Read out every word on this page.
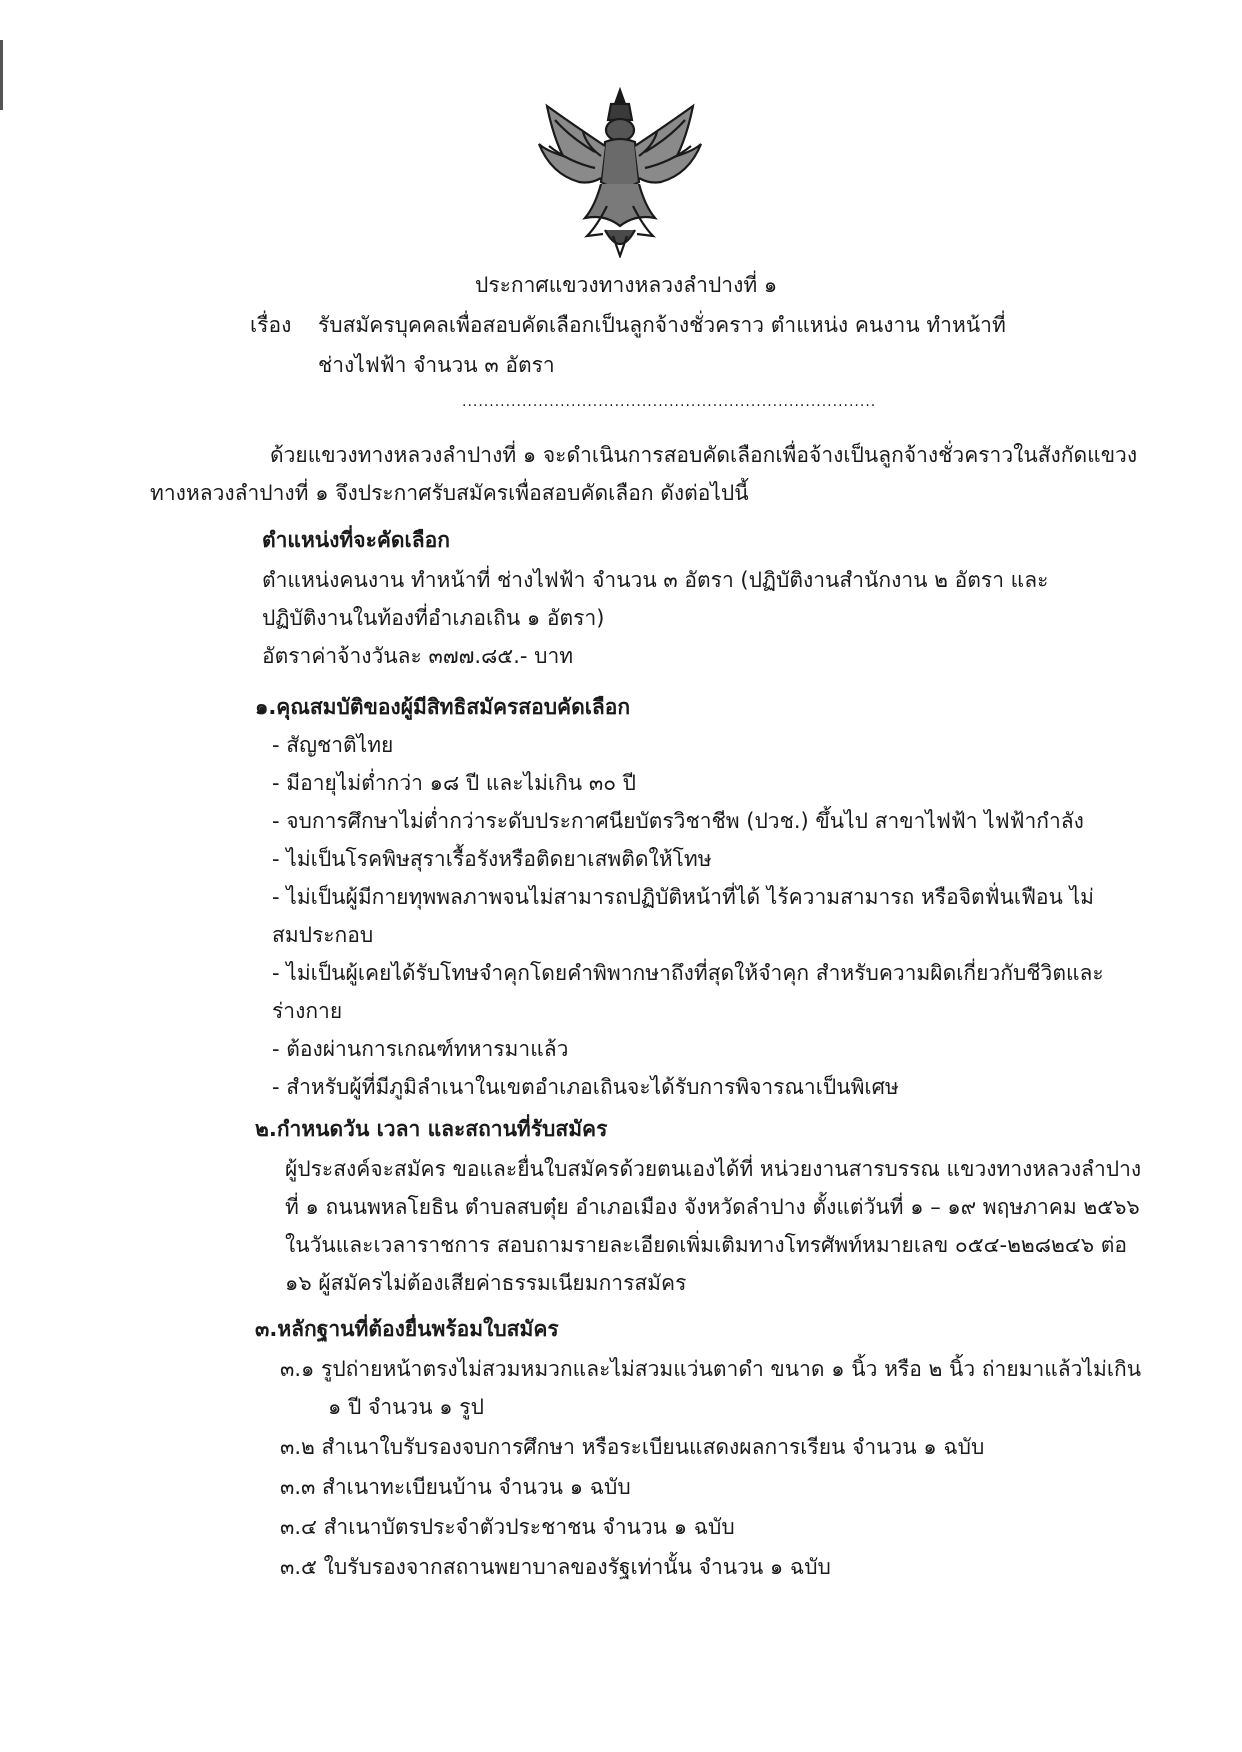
ประกาศแขวงทางหลวงลำปางที่ ๑
เรื่อง รับสมัครบุคคลเพื่อสอบคัดเลือกเป็นลูกจ้างชั่วคราว ตำแหน่ง คนงาน ทำหน้าที่
ช่างไฟฟ้า จำนวน ๓ อัตรา
............................................................................
ด้วยแขวงทางหลวงลำปางที่ ๑ จะดำเนินการสอบคัดเลือกเพื่อจ้างเป็นลูกจ้างชั่วคราวในสังกัดแขวง
ทางหลวงลำปางที่ ๑ จึงประกาศรับสมัครเพื่อสอบคัดเลือก ดังต่อไปนี้
ตำแหน่งที่จะคัดเลือก
ตำแหน่งคนงาน ทำหน้าที่ ช่างไฟฟ้า จำนวน ๓ อัตรา (ปฏิบัติงานสำนักงาน ๒ อัตรา และ
ปฏิบัติงานในท้องที่อำเภอเถิน ๑ อัตรา)
อัตราค่าจ้างวันละ ๓๗๗.๘๕.- บาท
๑.คุณสมบัติของผู้มีสิทธิสมัครสอบคัดเลือก
- สัญชาติไทย
- มีอายุไม่ต่ำกว่า ๑๘ ปี และไม่เกิน ๓๐ ปี
- จบการศึกษาไม่ต่ำกว่าระดับประกาศนียบัตรวิชาชีพ (ปวช.) ขึ้นไป สาขาไฟฟ้า ไฟฟ้ากำลัง
- ไม่เป็นโรคพิษสุราเรื้อรังหรือติดยาเสพติดให้โทษ
- ไม่เป็นผู้มีกายทุพพลภาพจนไม่สามารถปฏิบัติหน้าที่ได้ ไร้ความสามารถ หรือจิตฟั่นเฟือน ไม่
สมประกอบ
- ไม่เป็นผู้เคยได้รับโทษจำคุกโดยคำพิพากษาถึงที่สุดให้จำคุก สำหรับความผิดเกี่ยวกับชีวิตและ
ร่างกาย
- ต้องผ่านการเกณฑ์ทหารมาแล้ว
- สำหรับผู้ที่มีภูมิลำเนาในเขตอำเภอเถินจะได้รับการพิจารณาเป็นพิเศษ
๒.กำหนดวัน เวลา และสถานที่รับสมัคร
ผู้ประสงค์จะสมัคร ขอและยื่นใบสมัครด้วยตนเองได้ที่ หน่วยงานสารบรรณ แขวงทางหลวงลำปาง
ที่ ๑ ถนนพหลโยธิน ตำบลสบตุ๋ย อำเภอเมือง จังหวัดลำปาง ตั้งแต่วันที่ ๑ – ๑๙ พฤษภาคม ๒๕๖๖
ในวันและเวลาราชการ สอบถามรายละเอียดเพิ่มเติมทางโทรศัพท์หมายเลข ๐๕๔-๒๒๘๒๔๖ ต่อ
๑๖ ผู้สมัครไม่ต้องเสียค่าธรรมเนียมการสมัคร
๓.หลักฐานที่ต้องยื่นพร้อมใบสมัคร
๓.๑ รูปถ่ายหน้าตรงไม่สวมหมวกและไม่สวมแว่นตาดำ ขนาด ๑ นิ้ว หรือ ๒ นิ้ว ถ่ายมาแล้วไม่เกิน
๑ ปี จำนวน ๑ รูป
๓.๒ สำเนาใบรับรองจบการศึกษา หรือระเบียนแสดงผลการเรียน จำนวน ๑ ฉบับ
๓.๓ สำเนาทะเบียนบ้าน จำนวน ๑ ฉบับ
๓.๔ สำเนาบัตรประจำตัวประชาชน จำนวน ๑ ฉบับ
๓.๕ ใบรับรองจากสถานพยาบาลของรัฐเท่านั้น จำนวน ๑ ฉบับ
